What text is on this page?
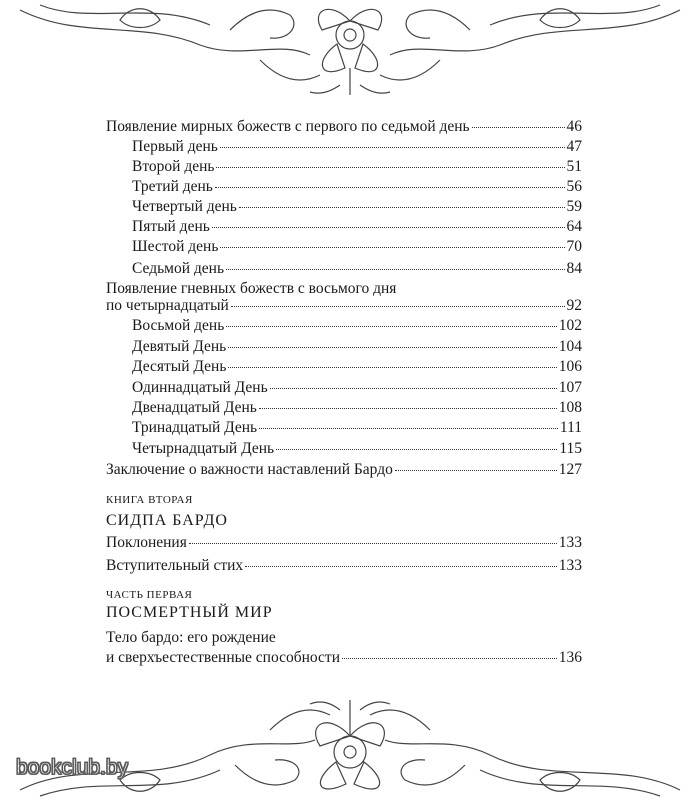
Появление мирных божеств с первого по седьмой день	46
Первый день	47
Второй день	51
Третий день	56
Четвертый день	59
Пятый день	64
Шестой день	70
Седьмой день	84
Появление гневных божеств с восьмого дня
по четырнадцатый	92
Восьмой день	102
Девятый День	104
Десятый День	106
Одиннадцатый День	107
Двенадцатый День	108
Тринадцатый День	111
Четырнадцатый День	115
Заключение о важности наставлений Бардо	127
КНИГА ВТОРАЯ
СИДПА БАРДО
Поклонения	133
Вступительный стих	133
ЧАСТЬ ПЕРВАЯ
ПОСМЕРТНЫЙ МИР
Тело бардо: его рождение
и сверхъестественные способности	136
bookclub.by
